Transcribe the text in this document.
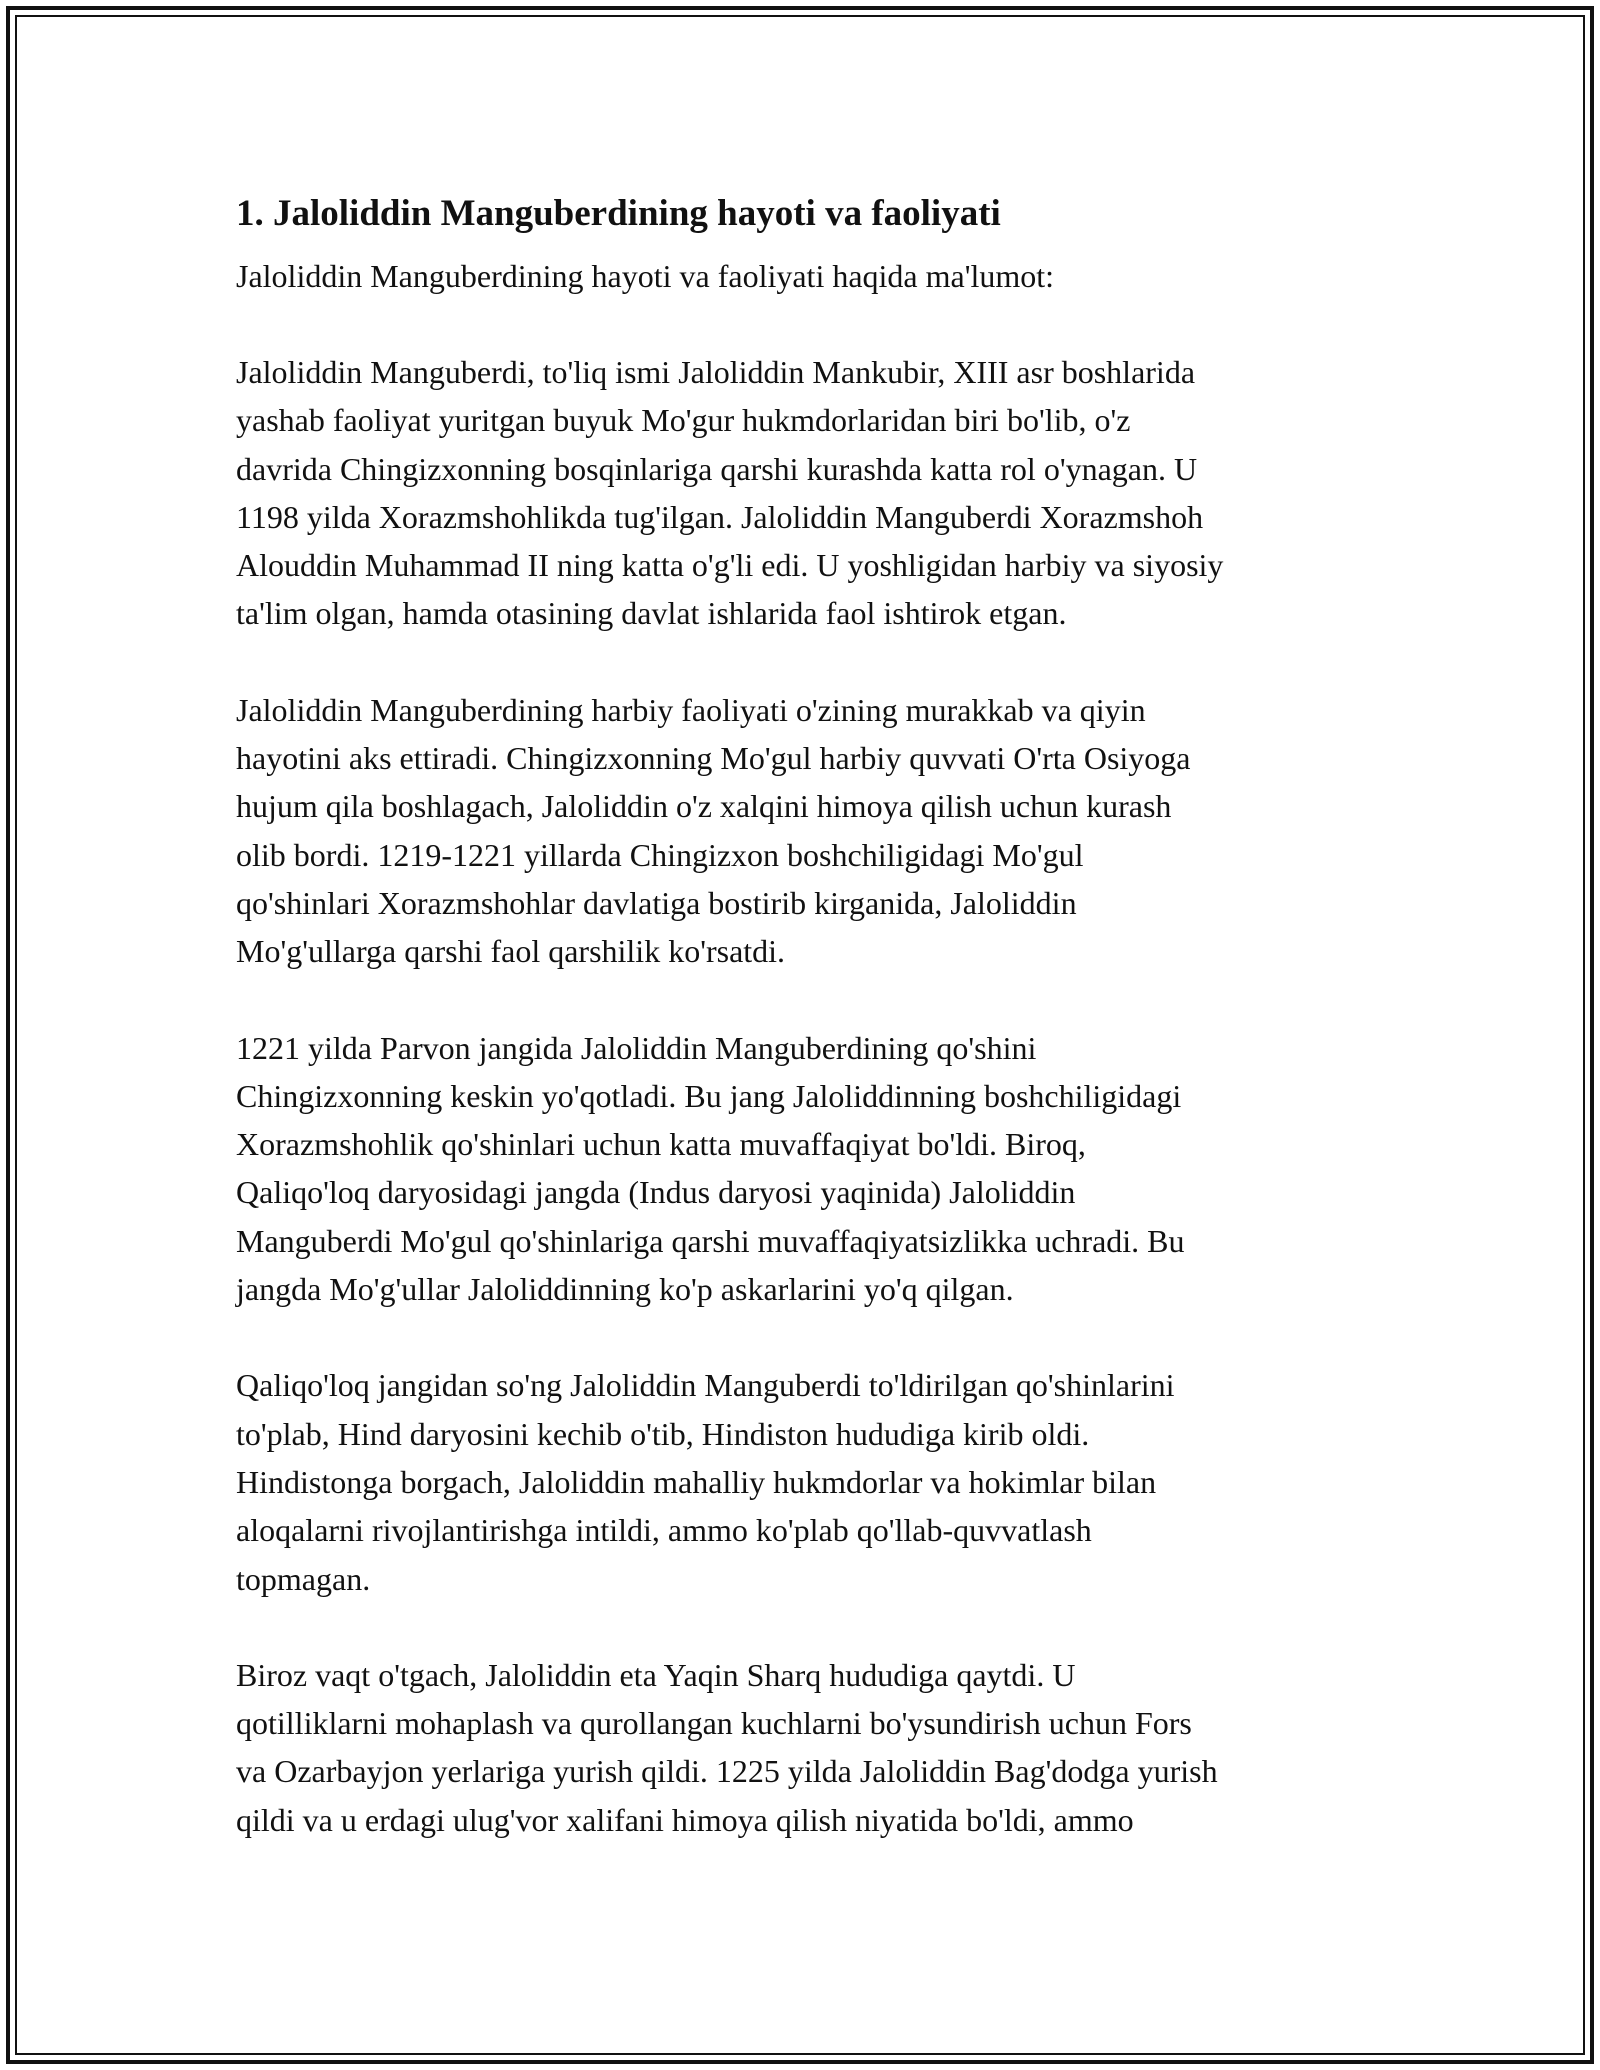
1. Jaloliddin Manguberdining hayoti va faoliyati

Jaloliddin Manguberdining hayoti va faoliyati haqida ma'lumot:

Jaloliddin Manguberdi, to'liq ismi Jaloliddin Mankubir, XIII asr boshlarida
yashab faoliyat yuritgan buyuk Mo'gur hukmdorlaridan biri bo'lib, o'z
davrida Chingizxonning bosqinlariga qarshi kurashda katta rol o'ynagan. U
1198 yilda Xorazmshohlikda tug'ilgan. Jaloliddin Manguberdi Xorazmshoh
Alouddin Muhammad II ning katta o'g'li edi. U yoshligidan harbiy va siyosiy
ta'lim olgan, hamda otasining davlat ishlarida faol ishtirok etgan.

Jaloliddin Manguberdining harbiy faoliyati o'zining murakkab va qiyin
hayotini aks ettiradi. Chingizxonning Mo'gul harbiy quvvati O'rta Osiyoga
hujum qila boshlagach, Jaloliddin o'z xalqini himoya qilish uchun kurash
olib bordi. 1219-1221 yillarda Chingizxon boshchiligidagi Mo'gul
qo'shinlari Xorazmshohlar davlatiga bostirib kirganida, Jaloliddin
Mo'g'ullarga qarshi faol qarshilik ko'rsatdi.

1221 yilda Parvon jangida Jaloliddin Manguberdining qo'shini
Chingizxonning keskin yo'qotladi. Bu jang Jaloliddinning boshchiligidagi
Xorazmshohlik qo'shinlari uchun katta muvaffaqiyat bo'ldi. Biroq,
Qaliqo'loq daryosidagi jangda (Indus daryosi yaqinida) Jaloliddin
Manguberdi Mo'gul qo'shinlariga qarshi muvaffaqiyatsizlikka uchradi. Bu
jangda Mo'g'ullar Jaloliddinning ko'p askarlarini yo'q qilgan.

Qaliqo'loq jangidan so'ng Jaloliddin Manguberdi to'ldirilgan qo'shinlarini
to'plab, Hind daryosini kechib o'tib, Hindiston hududiga kirib oldi.
Hindistonga borgach, Jaloliddin mahalliy hukmdorlar va hokimlar bilan
aloqalarni rivojlantirishga intildi, ammo ko'plab qo'llab-quvvatlash
topmagan.

Biroz vaqt o'tgach, Jaloliddin eta Yaqin Sharq hududiga qaytdi. U
qotilliklarni mohaplash va qurollangan kuchlarni bo'ysundirish uchun Fors
va Ozarbayjon yerlariga yurish qildi. 1225 yilda Jaloliddin Bag'dodga yurish
qildi va u erdagi ulug'vor xalifani himoya qilish niyatida bo'ldi, ammo
